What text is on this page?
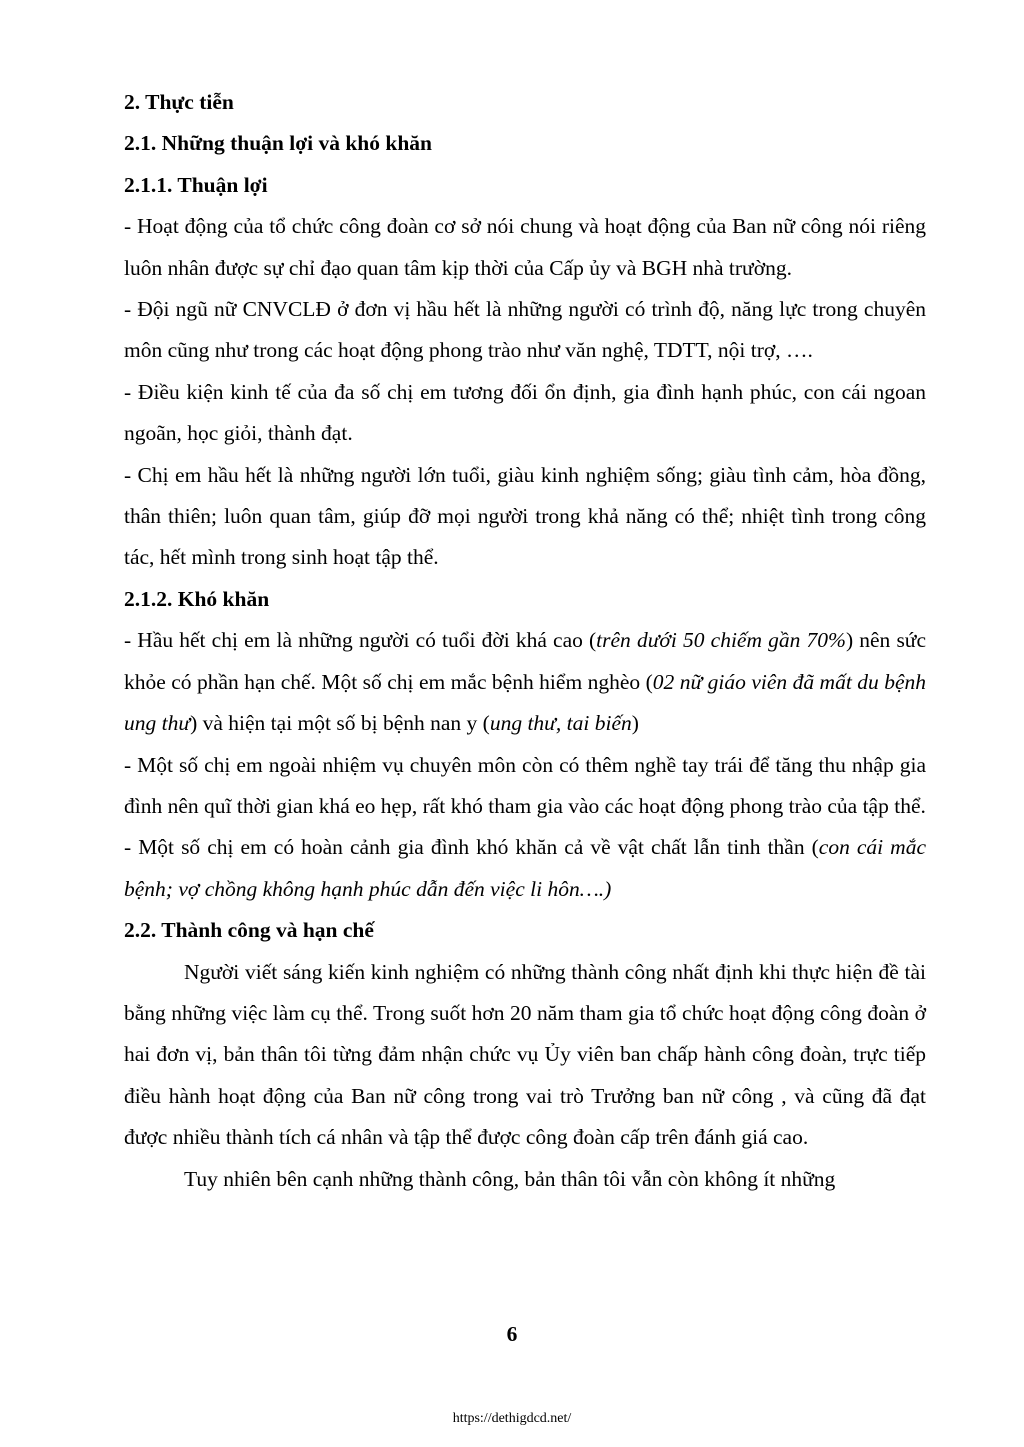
2. Thực tiễn

2.1. Những thuận lợi và khó khăn

2.1.1. Thuận lợi

- Hoạt động của tổ chức công đoàn cơ sở nói chung và hoạt động của Ban nữ công nói riêng luôn nhân được sự chỉ đạo quan tâm kịp thời của Cấp ủy và BGH nhà trường.

- Đội ngũ nữ CNVCLĐ ở đơn vị hầu hết là những người có trình độ, năng lực trong chuyên môn cũng như trong các hoạt động phong trào như văn nghệ, TDTT, nội trợ, ….

- Điều kiện kinh tế của đa số chị em tương đối ổn định, gia đình hạnh phúc, con cái ngoan ngoãn, học giỏi, thành đạt.

- Chị em hầu hết là những người lớn tuổi, giàu kinh nghiệm sống; giàu tình cảm, hòa đồng, thân thiên; luôn quan tâm, giúp đỡ mọi người trong khả năng có thể; nhiệt tình trong công tác, hết mình trong sinh hoạt tập thể.

2.1.2. Khó khăn

- Hầu hết chị em là những người có tuổi đời khá cao (trên dưới 50 chiếm gần 70%) nên sức khỏe có phần hạn chế. Một số chị em mắc bệnh hiểm nghèo (02 nữ giáo viên đã mất du bệnh ung thư) và hiện tại một số bị bệnh nan y (ung thư, tai biến)

- Một số chị em ngoài nhiệm vụ chuyên môn còn có thêm nghề tay trái để tăng thu nhập gia đình nên quĩ thời gian khá eo hẹp, rất khó tham gia vào các hoạt động phong trào của tập thể.

- Một số chị em có hoàn cảnh gia đình khó khăn cả về vật chất lẫn tinh thần (con cái mắc bệnh; vợ chồng không hạnh phúc dẫn đến việc li hôn….)

2.2. Thành công và hạn chế

Người viết sáng kiến kinh nghiệm có những thành công nhất định khi thực hiện đề tài bằng những việc làm cụ thể. Trong suốt hơn 20 năm tham gia tổ chức hoạt động công đoàn ở hai đơn vị, bản thân tôi từng đảm nhận chức vụ Ủy viên ban chấp hành công đoàn, trực tiếp điều hành hoạt động của Ban nữ công trong vai trò Trưởng ban nữ công , và cũng đã đạt được nhiều thành tích cá nhân và tập thể được công đoàn cấp trên đánh giá cao.

Tuy nhiên bên cạnh những thành công, bản thân tôi vẫn còn không ít những

6
https://dethigdcd.net/
